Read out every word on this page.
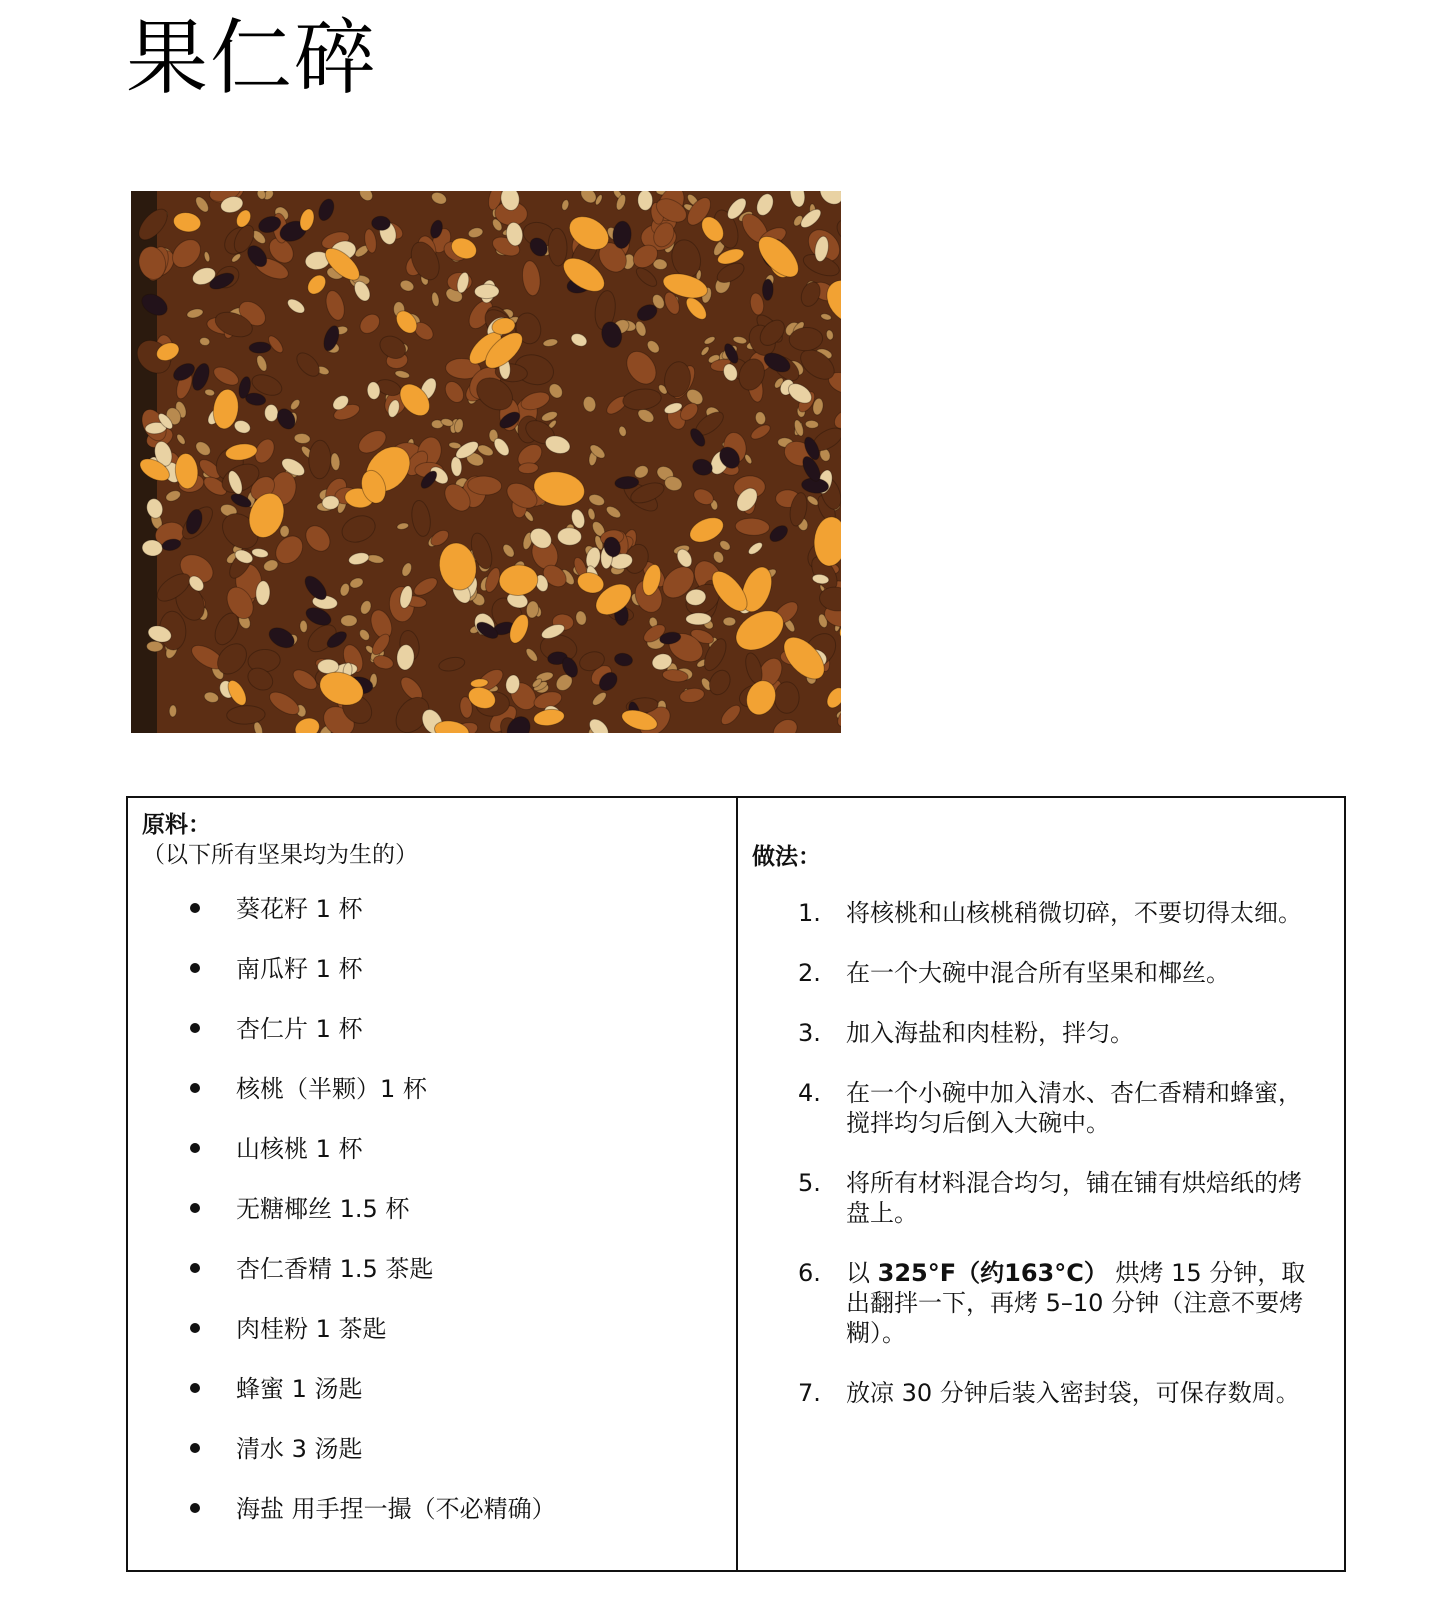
果仁碎
原料：
（以下所有坚果均为生的）
葵花籽 1 杯
南瓜籽 1 杯
杏仁片 1 杯
核桃（半颗）1 杯
山核桃 1 杯
无糖椰丝 1.5 杯
杏仁香精 1.5 茶匙
肉桂粉 1 茶匙
蜂蜜 1 汤匙
清水 3 汤匙
海盐 用手捏一撮（不必精确）
做法：
1. 将核桃和山核桃稍微切碎，不要切得太细。
2. 在一个大碗中混合所有坚果和椰丝。
3. 加入海盐和肉桂粉，拌匀。
4. 在一个小碗中加入清水、杏仁香精和蜂蜜，搅拌均匀后倒入大碗中。
5. 将所有材料混合均匀，铺在铺有烘焙纸的烤盘上。
6. 以 325°F（约163°C） 烘烤 15 分钟，取出翻拌一下，再烤 5–10 分钟（注意不要烤糊）。
7. 放凉 30 分钟后装入密封袋，可保存数周。
